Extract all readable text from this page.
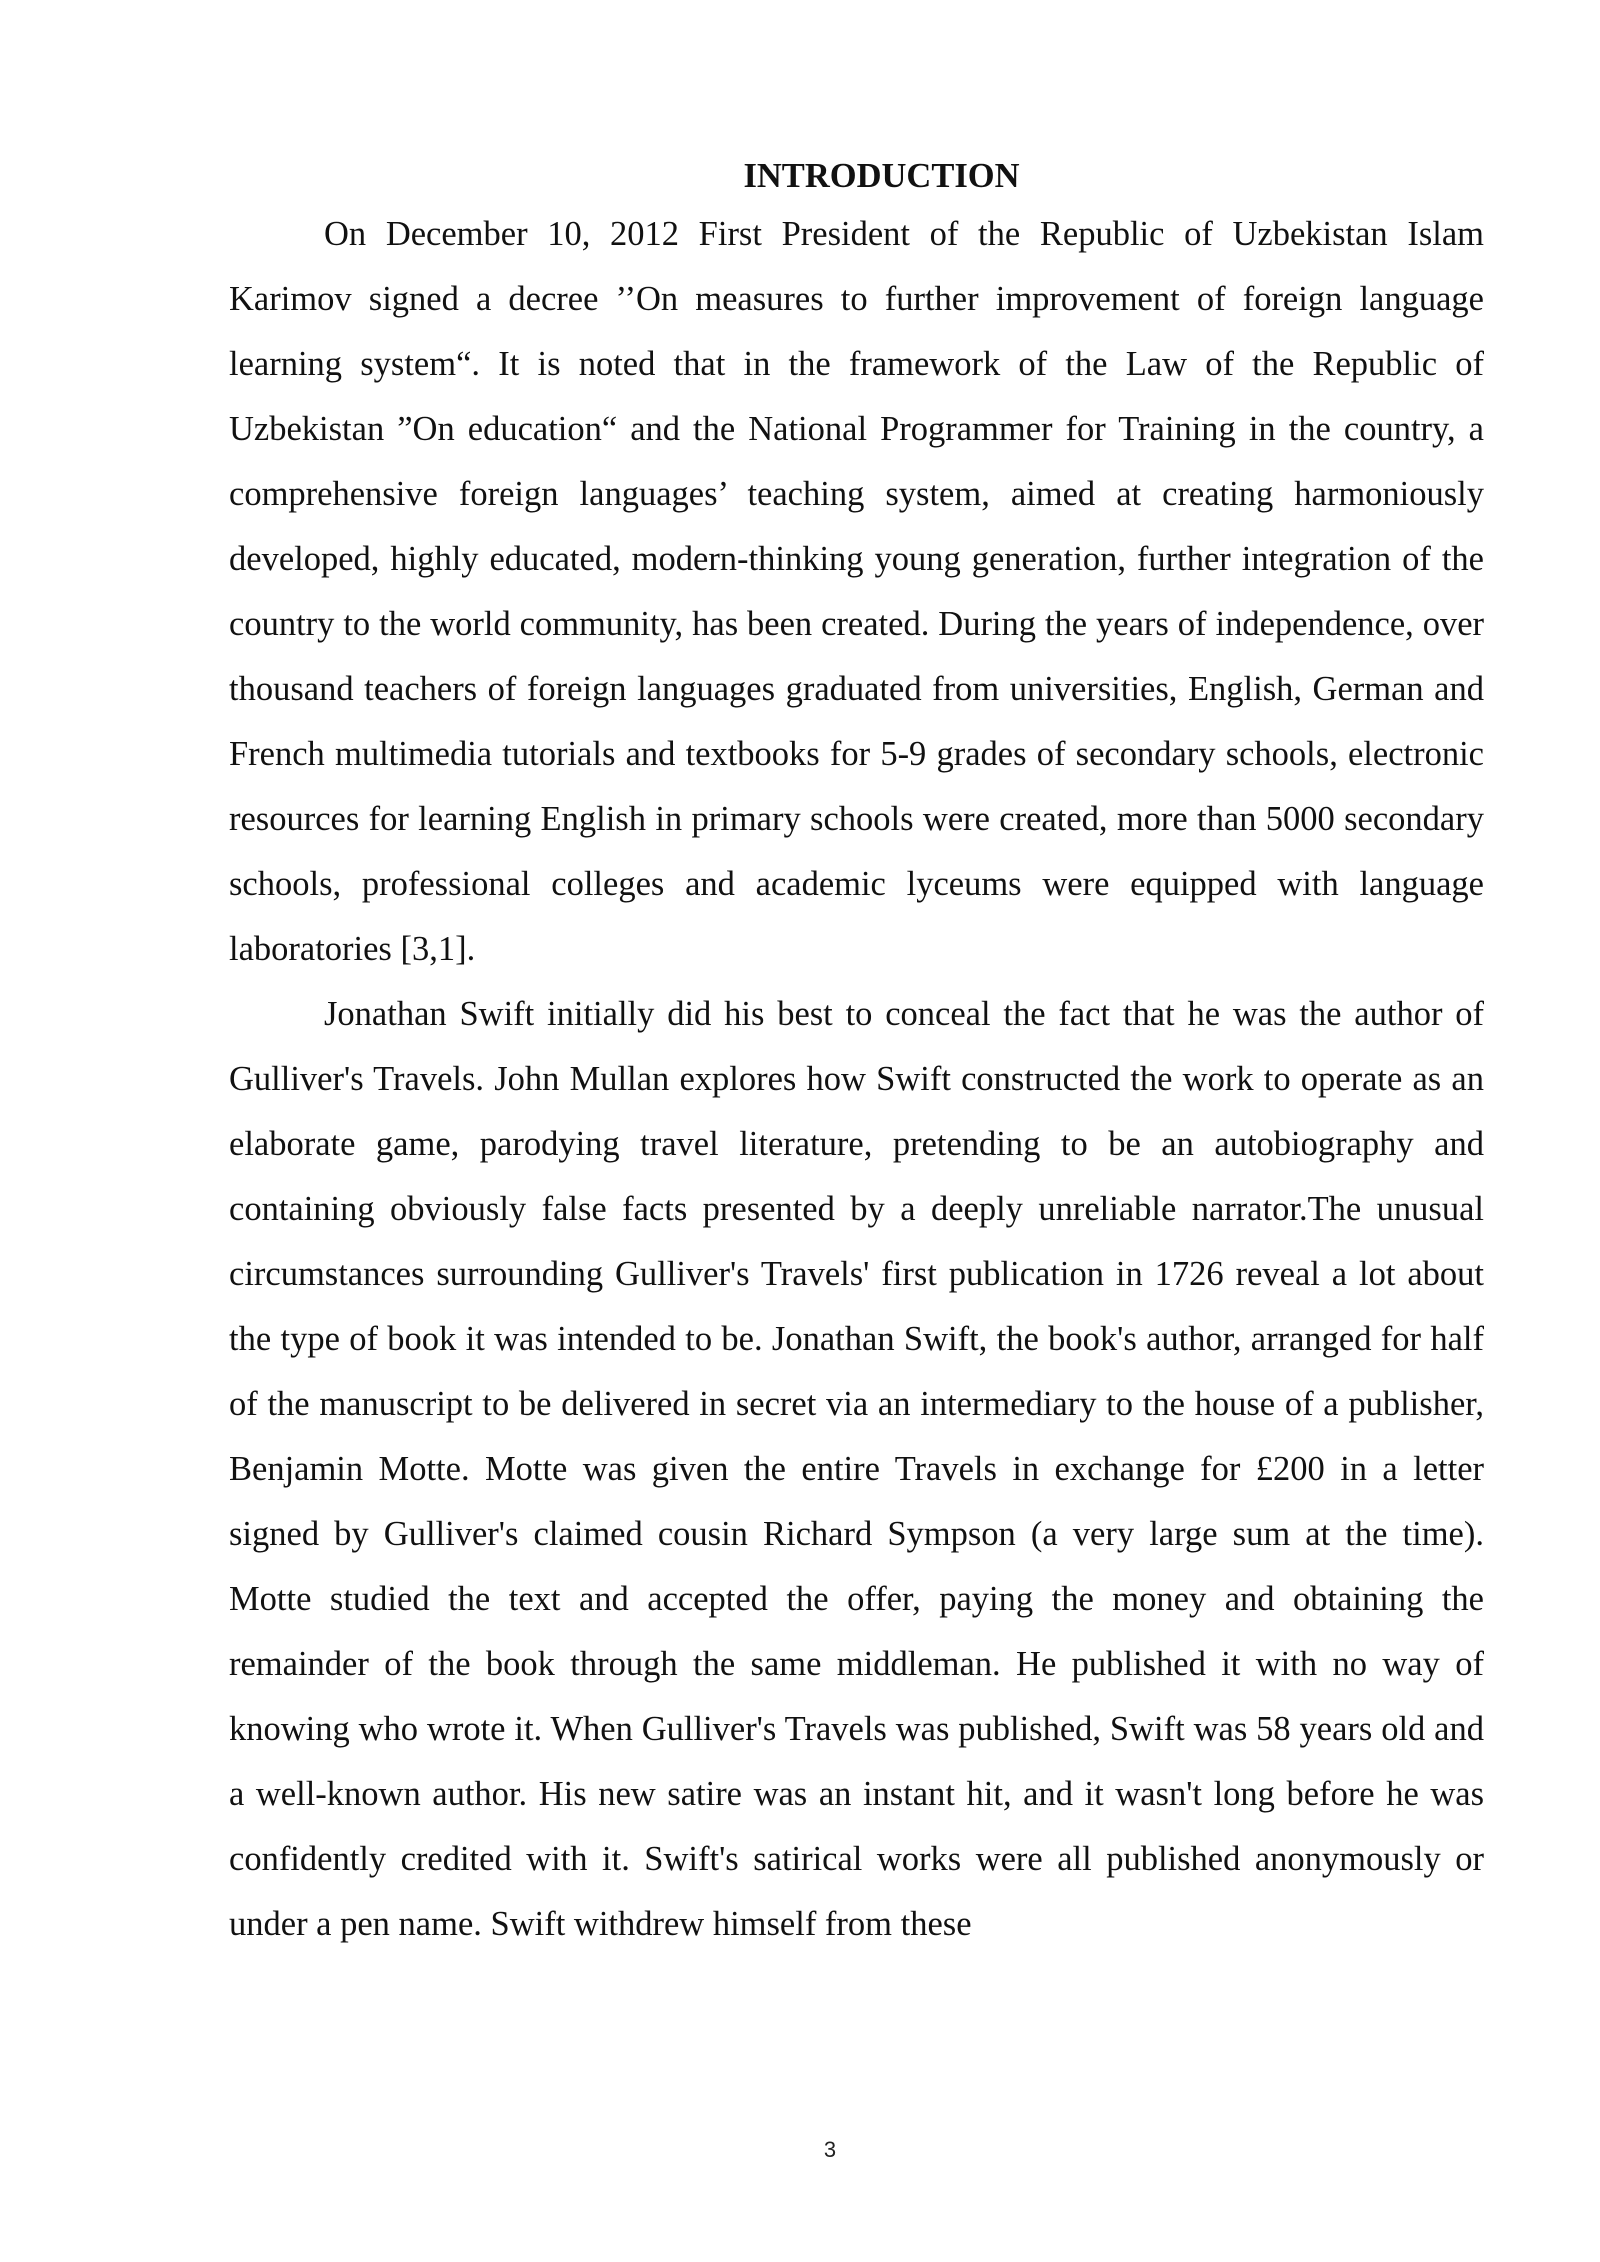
INTRODUCTION

On December 10, 2012 First President of the Republic of Uzbekistan Islam Karimov signed a decree ’’On measures to further improvement of foreign language learning system“. It is noted that in the framework of the Law of the Republic of Uzbekistan ”On education“ and the National Programmer for Training in the country, a comprehensive foreign languages’ teaching system, aimed at creating harmoniously developed, highly educated, modern-thinking young generation, further integration of the country to the world community, has been created. During the years of independence, over thousand teachers of foreign languages graduated from universities, English, German and French multimedia tutorials and textbooks for 5-9 grades of secondary schools, electronic resources for learning English in primary schools were created, more than 5000 secondary schools, professional colleges and academic lyceums were equipped with language laboratories [3,1].

Jonathan Swift initially did his best to conceal the fact that he was the author of Gulliver's Travels. John Mullan explores how Swift constructed the work to operate as an elaborate game, parodying travel literature, pretending to be an autobiography and containing obviously false facts presented by a deeply unreliable narrator.The unusual circumstances surrounding Gulliver's Travels' first publication in 1726 reveal a lot about the type of book it was intended to be. Jonathan Swift, the book's author, arranged for half of the manuscript to be delivered in secret via an intermediary to the house of a publisher, Benjamin Motte. Motte was given the entire Travels in exchange for £200 in a letter signed by Gulliver's claimed cousin Richard Sympson (a very large sum at the time). Motte studied the text and accepted the offer, paying the money and obtaining the remainder of the book through the same middleman. He published it with no way of knowing who wrote it. When Gulliver's Travels was published, Swift was 58 years old and a well-known author. His new satire was an instant hit, and it wasn't long before he was confidently credited with it. Swift's satirical works were all published anonymously or under a pen name. Swift withdrew himself from these

3
